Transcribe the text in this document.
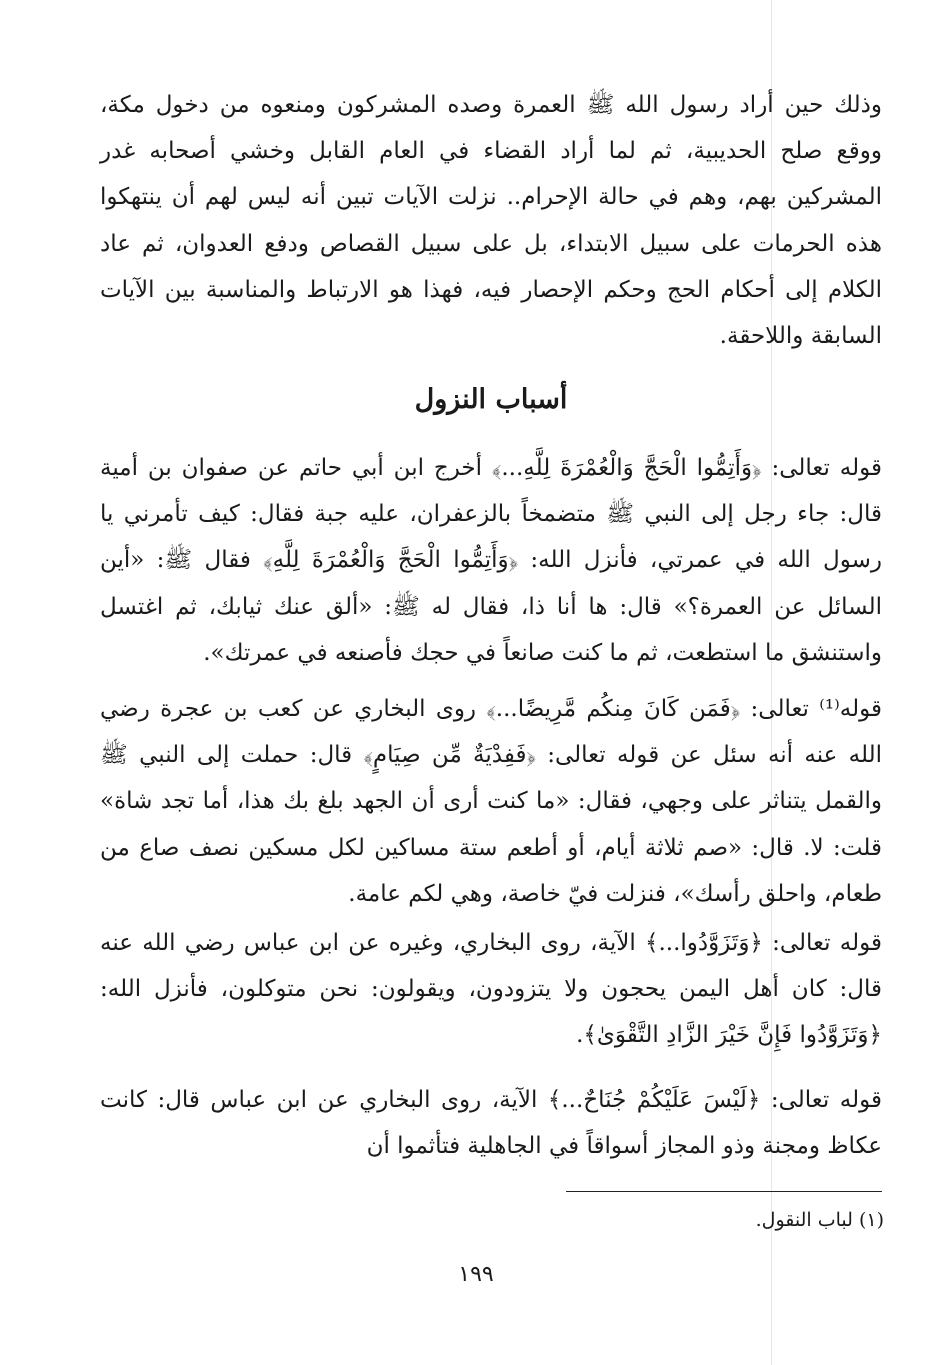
وذلك حين أراد رسول الله ﷺ العمرة وصده المشركون ومنعوه من دخول مكة، ووقع صلح الحديبية، ثم لما أراد القضاء في العام القابل وخشي أصحابه غدر المشركين بهم، وهم في حالة الإحرام.. نزلت الآيات تبين أنه ليس لهم أن ينتهكوا هذه الحرمات على سبيل الابتداء، بل على سبيل القصاص ودفع العدوان، ثم عاد الكلام إلى أحكام الحج وحكم الإحصار فيه، فهذا هو الارتباط والمناسبة بين الآيات السابقة واللاحقة.

أسباب النزول

قوله تعالى: ﴿وَأَتِمُّوا الْحَجَّ وَالْعُمْرَةَ لِلَّهِ...﴾ أخرج ابن أبي حاتم عن صفوان بن أمية قال: جاء رجل إلى النبي ﷺ متضمخاً بالزعفران، عليه جبة فقال: كيف تأمرني يا رسول الله في عمرتي، فأنزل الله: ﴿وَأَتِمُّوا الْحَجَّ وَالْعُمْرَةَ لِلَّهِ﴾ فقال ﷺ: «أين السائل عن العمرة؟» قال: ها أنا ذا، فقال له ﷺ: «ألق عنك ثيابك، ثم اغتسل واستنشق ما استطعت، ثم ما كنت صانعاً في حجك فأصنعه في عمرتك».

قوله⁽¹⁾ تعالى: ﴿فَمَن كَانَ مِنكُم مَّرِيضًا...﴾ روى البخاري عن كعب بن عجرة رضي الله عنه أنه سئل عن قوله تعالى: ﴿فَفِدْيَةٌ مِّن صِيَامٍ﴾ قال: حملت إلى النبي ﷺ والقمل يتناثر على وجهي، فقال: «ما كنت أرى أن الجهد بلغ بك هذا، أما تجد شاة» قلت: لا. قال: «صم ثلاثة أيام، أو أطعم ستة مساكين لكل مسكين نصف صاع من طعام، واحلق رأسك»، فنزلت فيّ خاصة، وهي لكم عامة.

قوله تعالى: ﴿وَتَزَوَّدُوا...﴾ الآية، روى البخاري، وغيره عن ابن عباس رضي الله عنه قال: كان أهل اليمن يحجون ولا يتزودون، ويقولون: نحن متوكلون، فأنزل الله: ﴿وَتَزَوَّدُوا فَإِنَّ خَيْرَ الزَّادِ التَّقْوَىٰ﴾.

قوله تعالى: ﴿لَيْسَ عَلَيْكُمْ جُنَاحٌ...﴾ الآية، روى البخاري عن ابن عباس قال: كانت عكاظ ومجنة وذو المجاز أسواقاً في الجاهلية فتأثموا أن

(١) لباب النقول.

١٩٩
